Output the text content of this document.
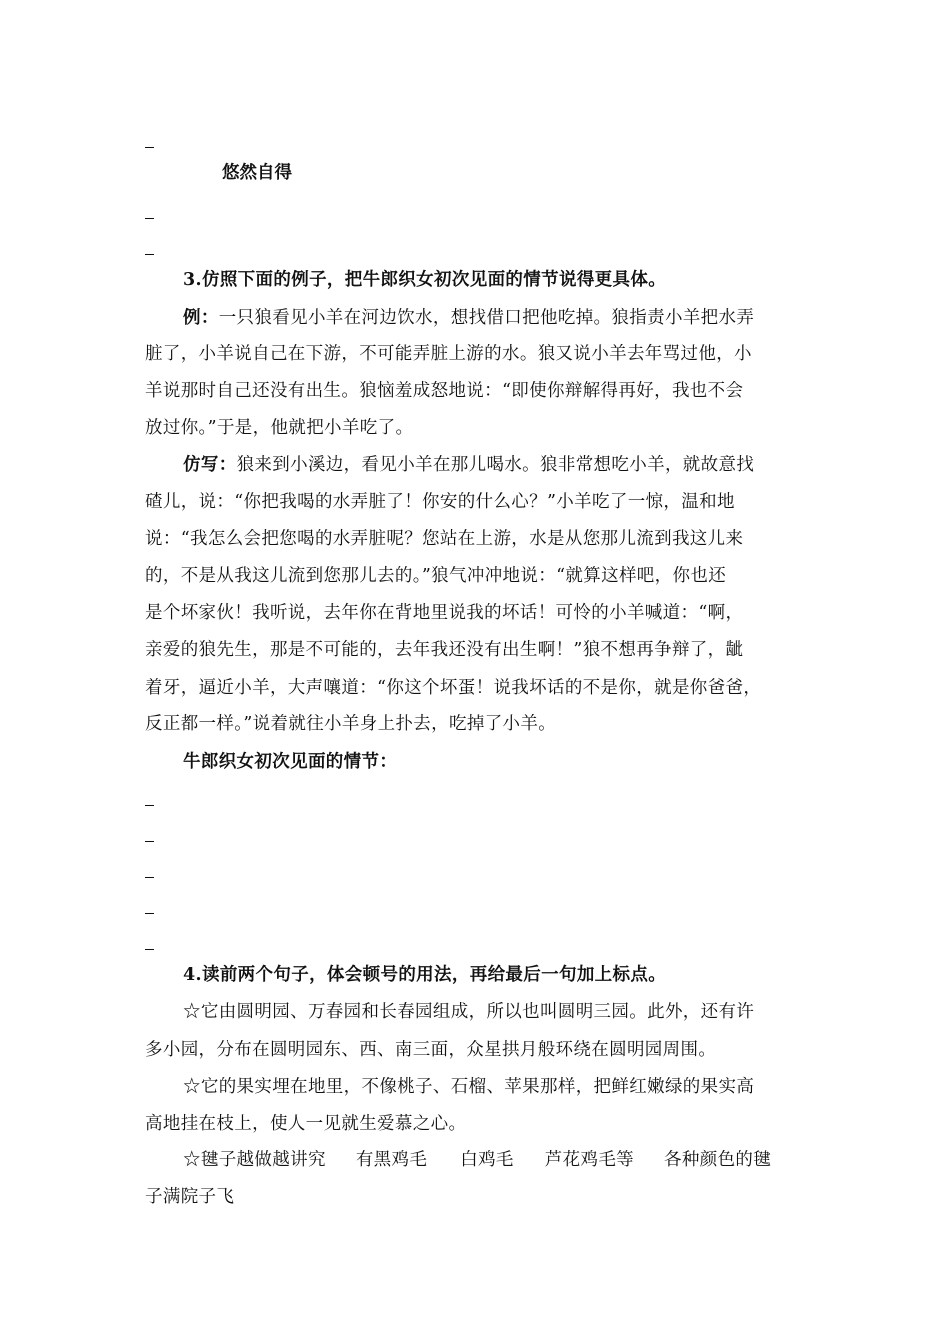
悠然自得
3.仿照下面的例子，把牛郎织女初次见面的情节说得更具体。
例：一只狼看见小羊在河边饮水，想找借口把他吃掉。狼指责小羊把水弄
脏了，小羊说自己在下游，不可能弄脏上游的水。狼又说小羊去年骂过他，小
羊说那时自己还没有出生。狼恼羞成怒地说：“即使你辩解得再好，我也不会
放过你。”于是，他就把小羊吃了。
仿写：狼来到小溪边，看见小羊在那儿喝水。狼非常想吃小羊，就故意找
碴儿，说：“你把我喝的水弄脏了！你安的什么心？”小羊吃了一惊，温和地
说：“我怎么会把您喝的水弄脏呢？您站在上游，水是从您那儿流到我这儿来
的，不是从我这儿流到您那儿去的。”狼气冲冲地说：“就算这样吧，你也还
是个坏家伙！我听说，去年你在背地里说我的坏话！可怜的小羊喊道：“啊，
亲爱的狼先生，那是不可能的，去年我还没有出生啊！”狼不想再争辩了，龇
着牙，逼近小羊，大声嚷道：“你这个坏蛋！说我坏话的不是你，就是你爸爸，
反正都一样。”说着就往小羊身上扑去，吃掉了小羊。
牛郎织女初次见面的情节：
4.读前两个句子，体会顿号的用法，再给最后一句加上标点。
☆它由圆明园、万春园和长春园组成，所以也叫圆明三园。此外，还有许
多小园，分布在圆明园东、西、南三面，众星拱月般环绕在圆明园周围。
☆它的果实埋在地里，不像桃子、石榴、苹果那样，把鲜红嫩绿的果实高
高地挂在枝上，使人一见就生爱慕之心。
☆毽子越做越讲究 有黑鸡毛 白鸡毛 芦花鸡毛等 各种颜色的毽
子满院子飞
